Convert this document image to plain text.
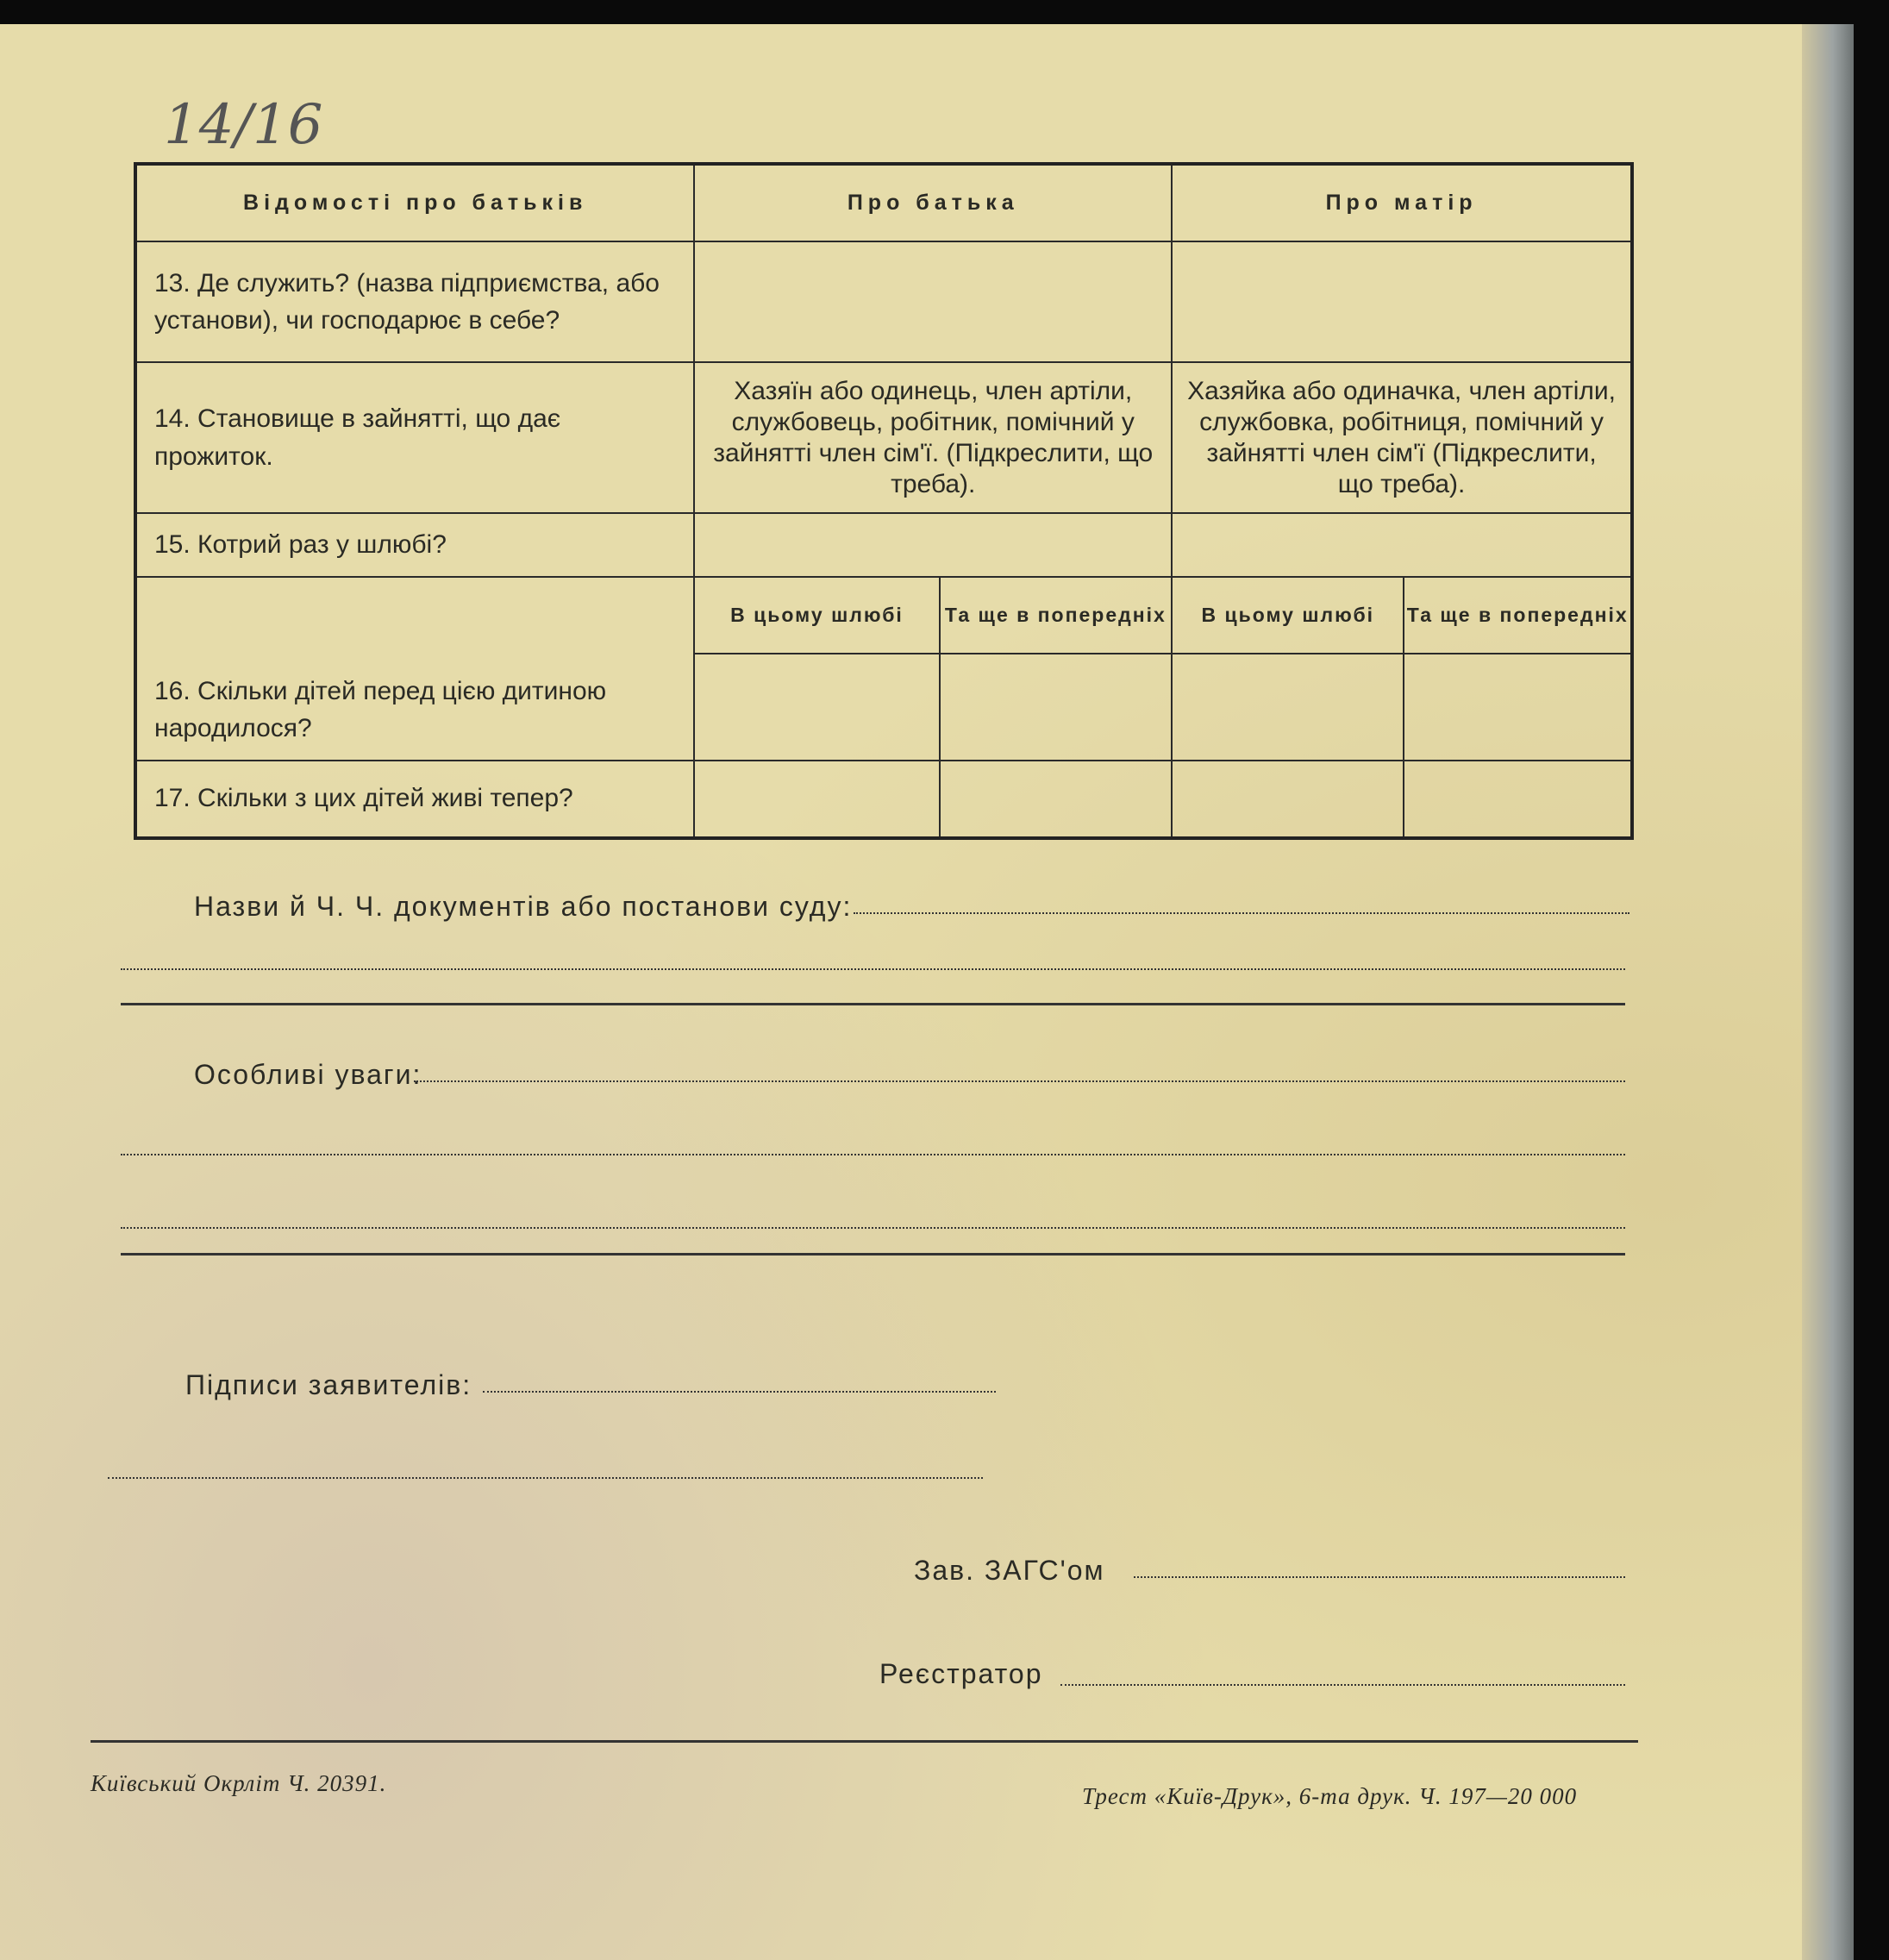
14/16
Відомості про батьків	Про батька		Про матір	
13. Де служить? (назва підприємства, або установи), чи господарює в себе?				
14. Становище в зайнятті, що дає прожиток.	Хазяїн або одинець, член артіли, службовець, робітник, помічний у зайнятті член сім'ї. (Підкреслити, що треба).		Хазяйка або одиначка, член артіли, службовка, робітниця, помічний у зайнятті член сім'ї (Підкреслити, що треба).	
15. Котрий раз у шлюбі?				
16. Скільки дітей перед цією дитиною народилося?	В цьому шлюбі	Та ще в попередніх	В цьому шлюбі	Та ще в попередніх

17. Скільки з цих дітей живі тепер?				
Назви й Ч. Ч. документів або постанови суду:
Особливі уваги:
Підписи заявителів:
Зав. ЗАГС'ом
Реєстратор
Київський Окрліт Ч. 20391.	Трест «Київ-Друк», 6-та друк. Ч. 197—20 000
